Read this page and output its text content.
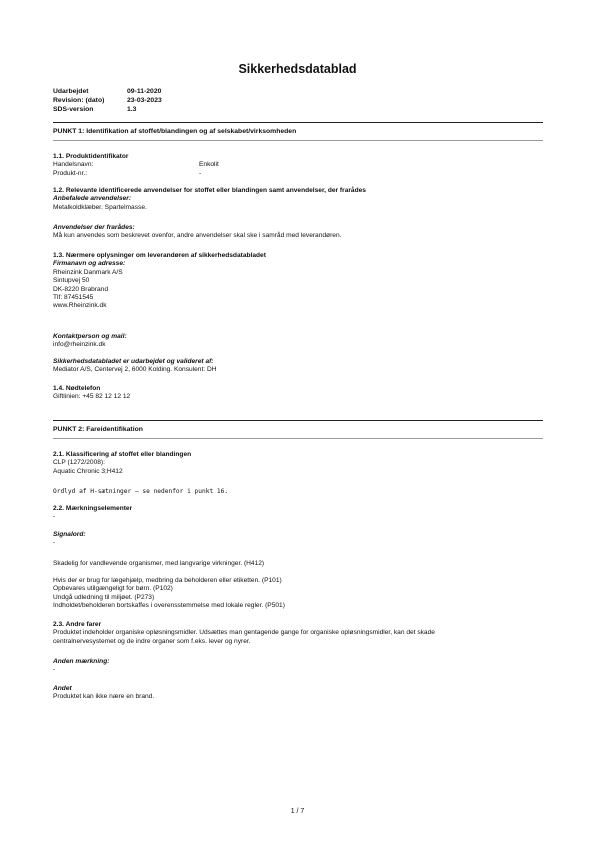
Sikkerhedsdatablad
Udarbejdet	09-11-2020
Revision: (dato)	23-03-2023
SDS-version	1.3
PUNKT 1: Identifikation af stoffet/blandingen og af selskabet/virksomheden
1.1. Produktidentifikator
Handelsnavn:	Enkolit
Produkt-nr.:	-
1.2. Relevante identificerede anvendelser for stoffet eller blandingen samt anvendelser, der frarådes
Anbefalede anvendelser:
Metalkoldklæber. Spartelmasse.
Anvendelser der frarådes:
Må kun anvendes som beskrevet ovenfor, andre anvendelser skal ske i samråd med leverandøren.
1.3. Nærmere oplysninger om leverandøren af sikkerhedsdatabladet
Firmanavn og adresse:
Rheinzink Danmark A/S
Sintupvej 50
DK-8220 Brabrand
Tlf: 87451545
www.Rheinzink.dk
Kontaktperson og mail:
info@rheinzink.dk
Sikkerhedsdatabladet er udarbejdet og valideret af:
Mediator A/S, Centervej 2, 6000 Kolding. Konsulent: DH
1.4. Nødtelefon
Giftlinien: +45 82 12 12 12
PUNKT 2: Fareidentifikation
2.1. Klassificering af stoffet eller blandingen
CLP (1272/2008):
Aquatic Chronic 3;H412
Ordlyd af H-sætninger – se nedenfor i punkt 16.
2.2. Mærkningselementer
-
Signalord:
-
Skadelig for vandlevende organismer, med langvarige virkninger. (H412)
Hvis der er brug for lægehjælp, medbring da beholderen eller etiketten. (P101)
Opbevares utilgængeligt for børn. (P102)
Undgå udledning til miljøet. (P273)
Indholdet/beholderen bortskaffes i overensstemmelse med lokale regler. (P501)
2.3. Andre farer
Produktet indeholder organiske opløsningsmidler. Udsættes man gentagende gange for organiske opløsningsmidler, kan det skade
centralnervesystemet og de indre organer som f.eks. lever og nyrer.
Anden mærkning:
-
Andet
Produktet kan ikke nære en brand.
1 / 7
